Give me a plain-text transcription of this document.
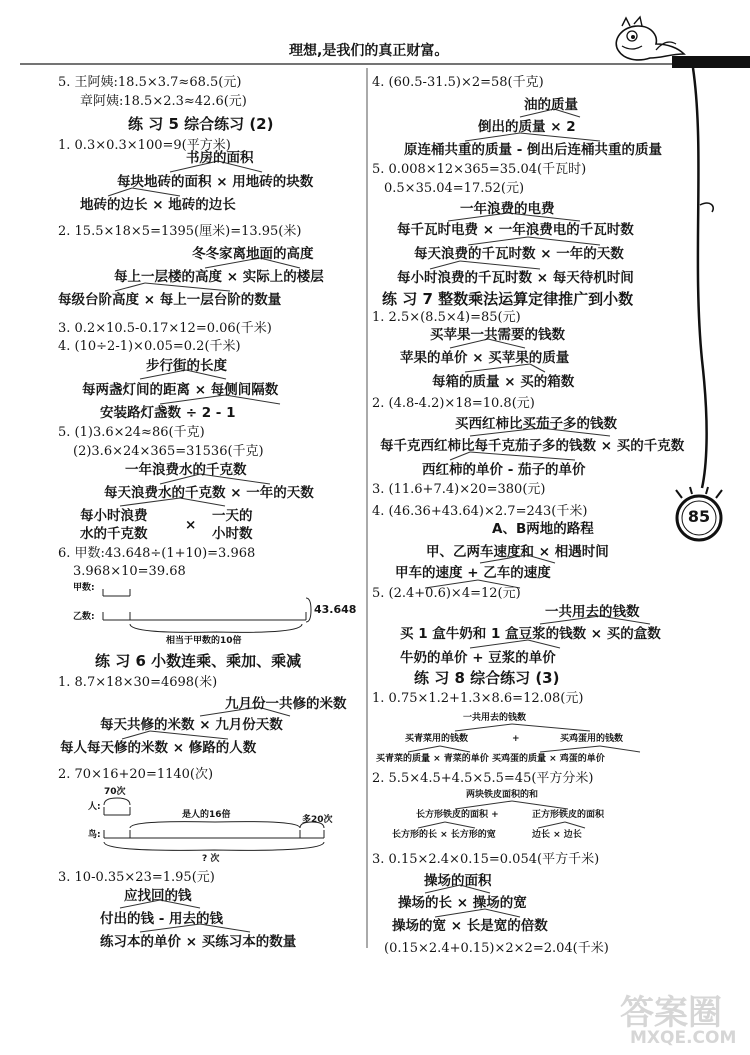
理想,是我们的真正财富。
85
答案圈
MXQE.COM
5. 王阿姨:18.5×3.7≈68.5(元)
章阿姨:18.5×2.3≈42.6(元)
练 习 5 综合练习 (2)
1. 0.3×0.3×100=9(平方米)
书房的面积
每块地砖的面积 × 用地砖的块数
地砖的边长 × 地砖的边长
2. 15.5×18×5=1395(厘米)=13.95(米)
冬冬家离地面的高度
每上一层楼的高度 × 实际上的楼层
每级台阶高度 × 每上一层台阶的数量
3. 0.2×10.5-0.17×12=0.06(千米)
4. (10÷2-1)×0.05=0.2(千米)
步行街的长度
每两盏灯间的距离 × 每侧间隔数
安装路灯盏数 ÷ 2 - 1
5. (1)3.6×24≈86(千克)
(2)3.6×24×365=31536(千克)
一年浪费水的千克数
每天浪费水的千克数 × 一年的天数
每小时浪费
水的千克数
×
一天的
小时数
6. 甲数:43.648÷(1+10)=3.968
3.968×10=39.68
甲数:
乙数:
43.648
相当于甲数的10倍
练 习 6 小数连乘、乘加、乘减
1. 8.7×18×30=4698(米)
九月份一共修的米数
每天共修的米数 × 九月份天数
每人每天修的米数 × 修路的人数
2. 70×16+20=1140(次)
70次
人:
鸟:
是人的16倍	多20次
? 次
3. 10-0.35×23=1.95(元)
应找回的钱
付出的钱 - 用去的钱
练习本的单价 × 买练习本的数量
4. (60.5-31.5)×2=58(千克)
油的质量
倒出的质量 × 2
原连桶共重的质量 - 倒出后连桶共重的质量
5. 0.008×12×365=35.04(千瓦时)
0.5×35.04=17.52(元)
一年浪费的电费
每千瓦时电费 × 一年浪费电的千瓦时数
每天浪费的千瓦时数 × 一年的天数
每小时浪费的千瓦时数 × 每天待机时间
练 习 7 整数乘法运算定律推广到小数
1. 2.5×(8.5×4)=85(元)
买苹果一共需要的钱数
苹果的单价 × 买苹果的质量
每箱的质量 × 买的箱数
2. (4.8-4.2)×18=10.8(元)
买西红柿比买茄子多的钱数
每千克西红柿比每千克茄子多的钱数 × 买的千克数
西红柿的单价 - 茄子的单价
3. (11.6+7.4)×20=380(元)
4. (46.36+43.64)×2.7=243(千米)
A、B两地的路程
甲、乙两车速度和 × 相遇时间
甲车的速度 + 乙车的速度
5. (2.4+0.6)×4=12(元)
一共用去的钱数
买 1 盒牛奶和 1 盒豆浆的钱数 × 买的盒数
牛奶的单价 + 豆浆的单价
练 习 8 综合练习 (3)
1. 0.75×1.2+1.3×8.6=12.08(元)
一共用去的钱数
买青菜用的钱数	+	买鸡蛋用的钱数
买青菜的质量 × 青菜的单价 买鸡蛋的质量 × 鸡蛋的单价
2. 5.5×4.5+4.5×5.5=45(平方分米)
两块铁皮面积的和
长方形铁皮的面积 +	正方形铁皮的面积
长方形的长 × 长方形的宽	边长 × 边长
3. 0.15×2.4×0.15=0.054(平方千米)
操场的面积
操场的长 × 操场的宽
操场的宽 × 长是宽的倍数
(0.15×2.4+0.15)×2×2=2.04(千米)
